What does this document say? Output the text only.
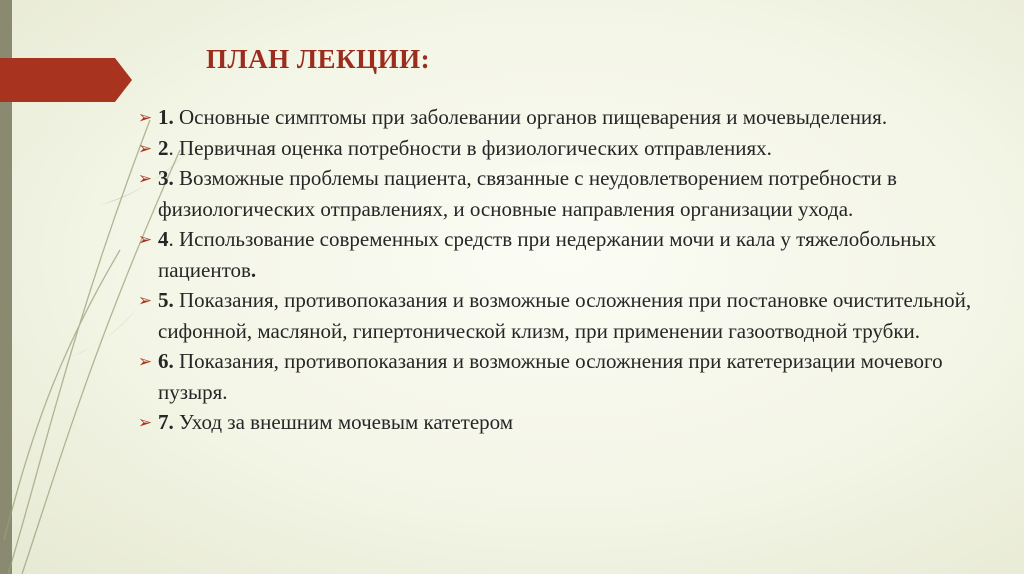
ПЛАН ЛЕКЦИИ:
➢ 1. Основные симптомы при заболевании органов пищеварения и мочевыделения.
➢ 2. Первичная оценка потребности в физиологических отправлениях.
➢ 3. Возможные проблемы пациента, связанные с неудовлетворением потребности в физиологических отправлениях, и основные направления организации ухода.
➢ 4. Использование современных средств при недержании мочи и кала у тяжелобольных пациентов.
➢ 5. Показания, противопоказания и возможные осложнения при постановке очистительной, сифонной, масляной, гипертонической клизм, при применении газоотводной трубки.
➢ 6. Показания, противопоказания и возможные осложнения при катетеризации мочевого пузыря.
➢ 7. Уход за внешним мочевым катетером
